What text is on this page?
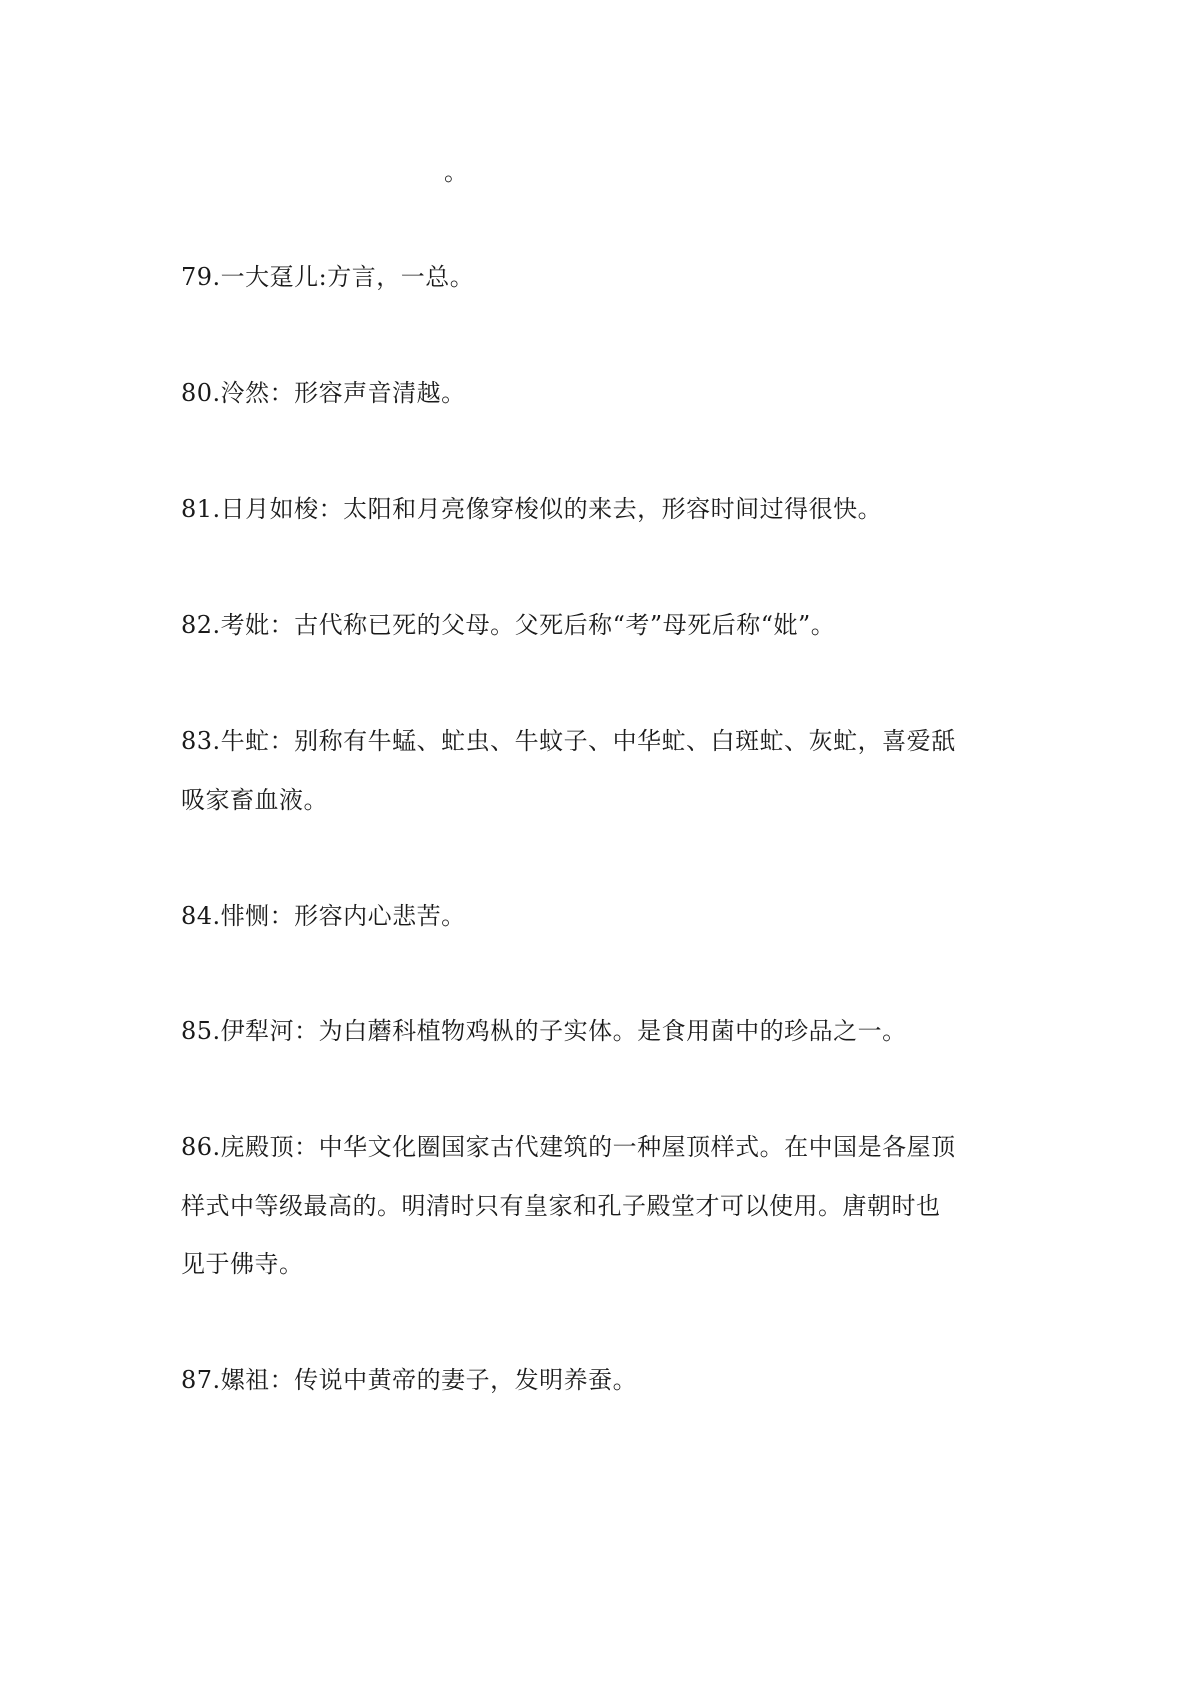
。
79.一大趸儿:方言，一总。
80.泠然：形容声音清越。
81.日月如梭：太阳和月亮像穿梭似的来去，形容时间过得很快。
82.考妣：古代称已死的父母。父死后称“考”母死后称“妣”。
83.牛虻：别称有牛蜢、虻虫、牛蚊子、中华虻、白斑虻、灰虻，喜爱舐
吸家畜血液。
84.悱恻：形容内心悲苦。
85.伊犁河：为白蘑科植物鸡枞的子实体。是食用菌中的珍品之一。
86.庑殿顶：中华文化圈国家古代建筑的一种屋顶样式。在中国是各屋顶
样式中等级最高的。明清时只有皇家和孔子殿堂才可以使用。唐朝时也
见于佛寺。
87.嫘祖：传说中黄帝的妻子，发明养蚕。
